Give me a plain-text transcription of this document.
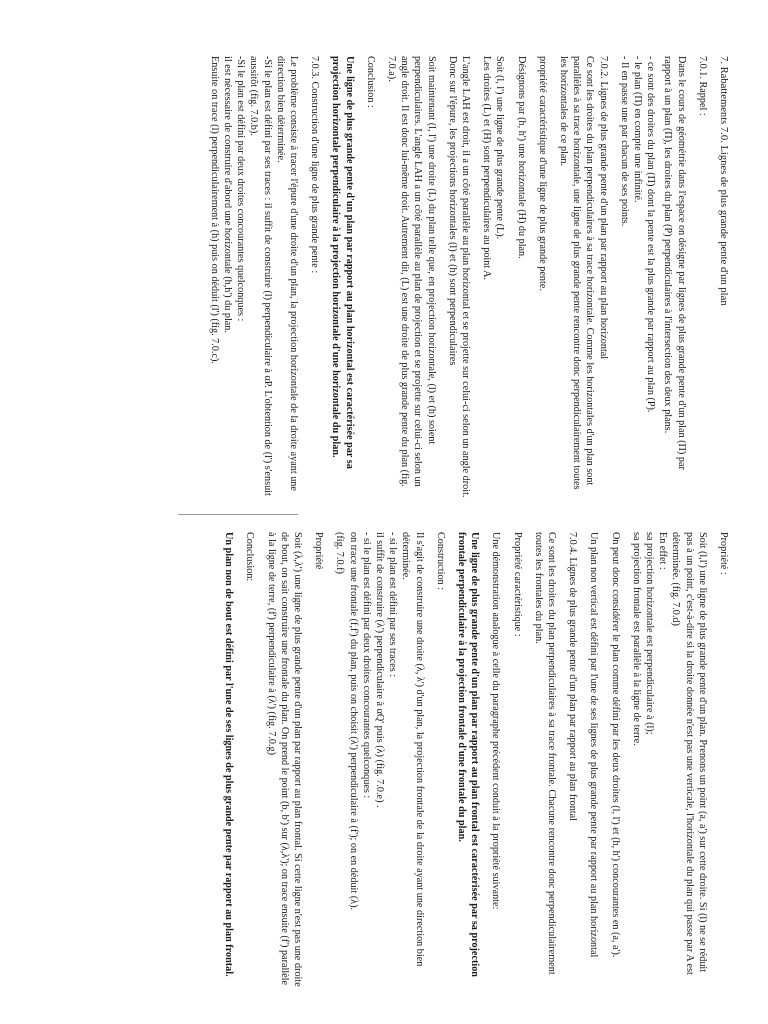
7. Rabattements 7.0. Lignes de plus grande pente d'un plan

7.0.1. Rappel :

Dans le cours de géométrie dans l'espace on désigne par lignes de plus grande pente d'un plan (Π) par rapport à un plan (Π), les droites du plan (P) perpendiculaires à l'intersection des deux plans.

- ce sont des droites du plan (Π) dont la pente est la plus grande par rapport au plan (P).

- le plan (Π) en compte une infinité.

- Il en passe une par chacun de ses points.

7.0.2. Lignes de plus grande pente d'un plan par rapport au plan horizontal

Ce sont les droites du plan perpendiculaires à sa trace horizontale. Comme les horizontales d'un plan sont parallèles à sa trace horizontale, une ligne de plus grande pente rencontre donc perpendiculairement toutes les horizontales de ce plan.

propriété caractéristique d'une ligne de plus grande pente.

Désignons par (h, h') une horizontale (H) du plan.

Soit (l, l') une ligne de plus grande pente (L).

Les droites (L) et (H) sont perpendiculaires au point A.

L'angle LAH est droit, il a un côté parallèle au plan horizontal et se projette sur celui-ci selon un angle droit. Donc sur l'épure, les projections horizontales (l) et (h) sont perpendiculaires

Soit maintenant (l, l') une droite (L) du plan telle que, en projection horizontale, (l) et (h) soient perpendiculaires. L'angle LAH a un côté parallèle au plan de projection et se projette sur celui-ci selon un angle droit. Il est donc lui-même droit. Autrement dit, (L) est une droite de plus grande pente du plan (fig. 7.0.a).

Conclusion :

Une ligne de plus grande pente d'un plan par rapport au plan horizontal est caractérisée par sa projection horizontale perpendiculaire à la projection horizontale d'une horizontale du plan.

7.0.3. Construction d'une ligne de plus grande pente :

Le problème consiste à tracer l'épure d'une droite d'un plan, la projection horizontale de la droite ayant une direction bien déterminée.

-Si le plan est défini par ses traces : il suffit de construire (l) perpendiculaire à αP. L'obtention de (l') s'ensuit aussitôt (fig. 7.0.b).

-Si le plan est défini par deux droites concourantes quelconques :

il est nécessaire de construire d'abord une horizontale (h,h') du plan.

Ensuite on trace (l) perpendiculairement à (h) puis on déduit (l') (fig. 7.0.c).

Propriété :

Soit (l,l') une ligne de plus grande pente d'un plan. Prenons un point (a, a') sur cette droite. Si (l) ne se réduit pas à un point, c'est-à-dire si la droite donnée n'est pas une verticale, l'horizontale du plan qui passe par A est déterminée. (fig. 7.0.d)

En effet :

sa projection horizontale est perpendiculaire à (l);

sa projection frontale est parallèle à la ligne de terre.

On peut donc considérer le plan comme défini par les deux droites (l, l') et (h, h') concourantes en (a, a').

Un plan non vertical est défini par l'une de ses lignes de plus grande pente par rapport au plan horizontal

7.0.4. Lignes de plus grande pente d'un plan par rapport au plan frontal

Ce sont les droites du plan perpendiculaires à sa trace frontale. Chacune rencontre donc perpendiculairement toutes les frontales du plan.

Propriété caractéristique :

Une démonstration analogue à celle du paragraphe précédent conduit à la propriété suivante:

Une ligne de plus grande pente d'un plan par rapport au plan frontal est caractérisée par sa projection frontale perpendiculaire à la projection frontale d'une frontale du plan.

Construction :

Il s'agit de construire une droite (λ, λ') d'un plan, la projection frontale de la droite ayant une direction bien déterminée.

- si le plan est défini par ses traces :

il suffit de construire (λ') perpendiculaire à αQ' puis (λ) (fig. 7.0.e) .

- si le plan est défini par deux droites concourantes quelconques :

on trace une frontale (f,f') du plan, puis on choisit (λ') perpendiculaire à (f'); on en déduit (λ).

(fig. 7.0.f)

Propriété

Soit (λ,λ') une ligne de plus grande pente d'un plan par rapport au plan frontal. Si cette ligne n'est pas une droite de bout, on sait construire une frontale du plan. On prend le point (b, b') sur (λ,λ'); on trace ensuite (f') parallèle à la ligne de terre, (f') perpendiculaire à (λ') (fig. 7.0.g)

Conclusion:

Un plan non de bout est défini par l'une de ses lignes de plus grande pente par rapport au plan frontal.
